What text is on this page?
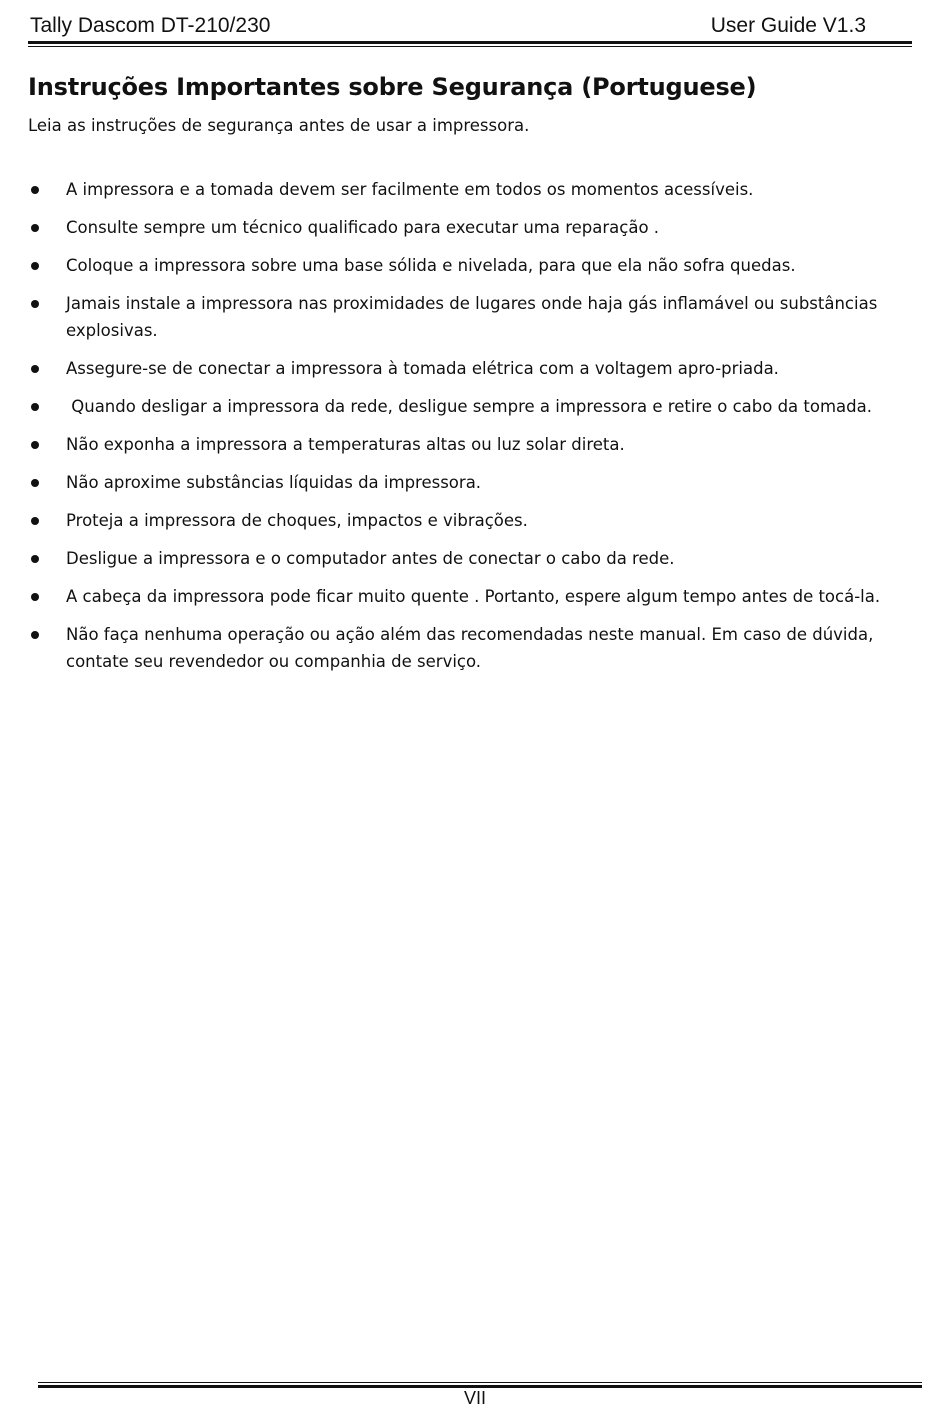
Tally Dascom DT-210/230	User Guide V1.3
Instruções Importantes sobre Segurança (Portuguese)

Leia as instruções de segurança antes de usar a impressora.

A impressora e a tomada devem ser facilmente em todos os momentos acessíveis.
Consulte sempre um técnico qualificado para executar uma reparação .
Coloque a impressora sobre uma base sólida e nivelada, para que ela não sofra quedas.
Jamais instale a impressora nas proximidades de lugares onde haja gás inflamável ou substâncias explosivas.
Assegure-se de conectar a impressora à tomada elétrica com a voltagem apro-priada.
Quando desligar a impressora da rede, desligue sempre a impressora e retire o cabo da tomada.
Não exponha a impressora a temperaturas altas ou luz solar direta.
Não aproxime substâncias líquidas da impressora.
Proteja a impressora de choques, impactos e vibrações.
Desligue a impressora e o computador antes de conectar o cabo da rede.
A cabeça da impressora pode ficar muito quente . Portanto, espere algum tempo antes de tocá-la.
Não faça nenhuma operação ou ação além das recomendadas neste manual. Em caso de dúvida, contate seu revendedor ou companhia de serviço.
VII
